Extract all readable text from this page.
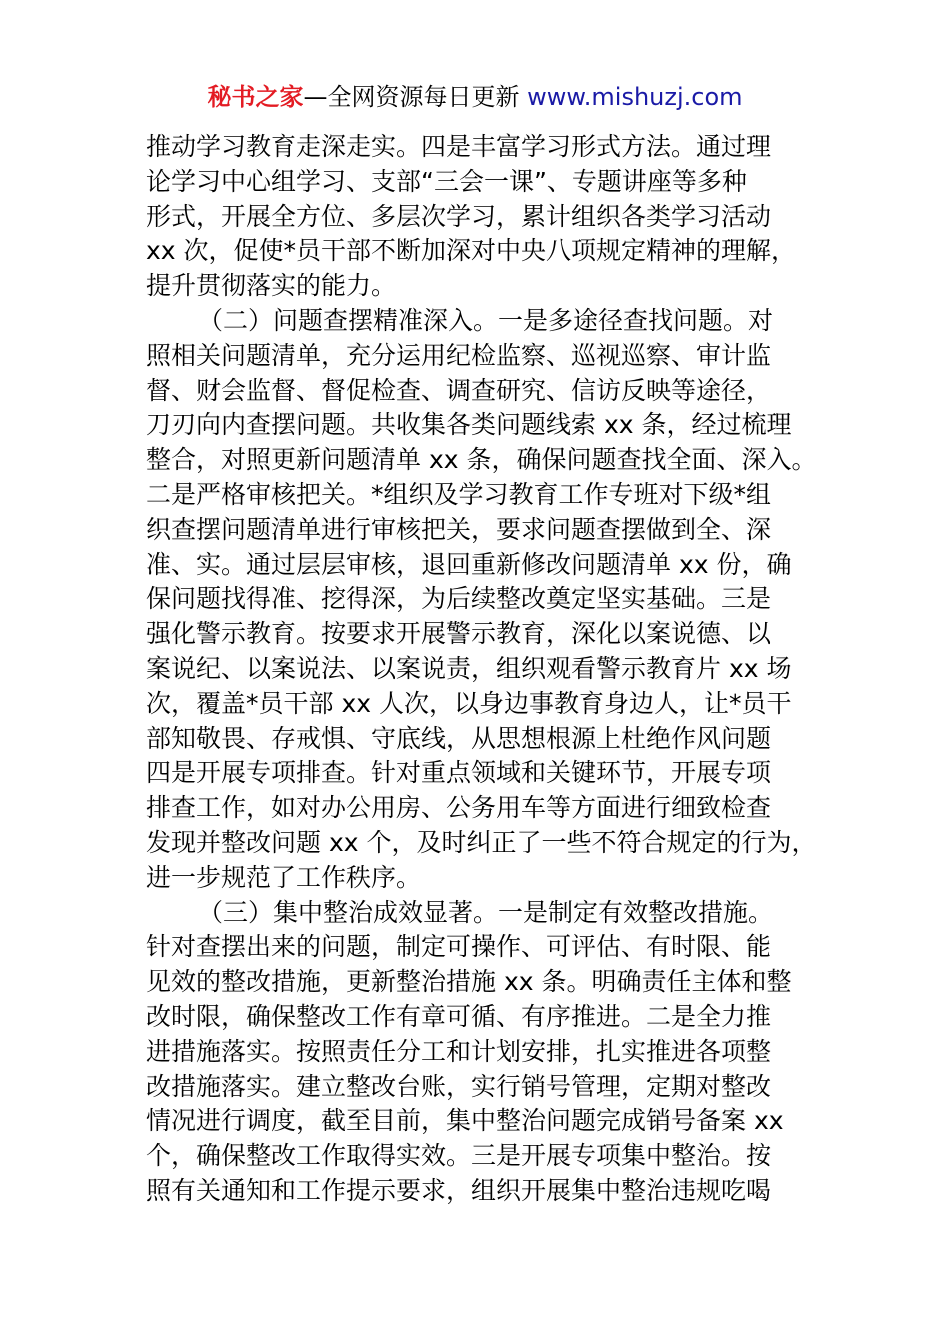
秘书之家—全网资源每日更新 www.mishuzj.com
推动学习教育走深走实。四是丰富学习形式方法。通过理
论学习中心组学习、支部“三会一课”、专题讲座等多种
形式，开展全方位、多层次学习，累计组织各类学习活动
xx 次，促使*员干部不断加深对中央八项规定精神的理解，
提升贯彻落实的能力。
（二）问题查摆精准深入。一是多途径查找问题。对
照相关问题清单，充分运用纪检监察、巡视巡察、审计监
督、财会监督、督促检查、调查研究、信访反映等途径，
刀刃向内查摆问题。共收集各类问题线索 xx 条，经过梳理
整合，对照更新问题清单 xx 条，确保问题查找全面、深入。
二是严格审核把关。*组织及学习教育工作专班对下级*组
织查摆问题清单进行审核把关，要求问题查摆做到全、深
准、实。通过层层审核，退回重新修改问题清单 xx 份，确
保问题找得准、挖得深，为后续整改奠定坚实基础。三是
强化警示教育。按要求开展警示教育，深化以案说德、以
案说纪、以案说法、以案说责，组织观看警示教育片 xx 场
次，覆盖*员干部 xx 人次，以身边事教育身边人，让*员干
部知敬畏、存戒惧、守底线，从思想根源上杜绝作风问题
四是开展专项排查。针对重点领域和关键环节，开展专项
排查工作，如对办公用房、公务用车等方面进行细致检查
发现并整改问题 xx 个，及时纠正了一些不符合规定的行为，
进一步规范了工作秩序。
（三）集中整治成效显著。一是制定有效整改措施。
针对查摆出来的问题，制定可操作、可评估、有时限、能
见效的整改措施，更新整治措施 xx 条。明确责任主体和整
改时限，确保整改工作有章可循、有序推进。二是全力推
进措施落实。按照责任分工和计划安排，扎实推进各项整
改措施落实。建立整改台账，实行销号管理，定期对整改
情况进行调度，截至目前，集中整治问题完成销号备案 xx
个，确保整改工作取得实效。三是开展专项集中整治。按
照有关通知和工作提示要求，组织开展集中整治违规吃喝
